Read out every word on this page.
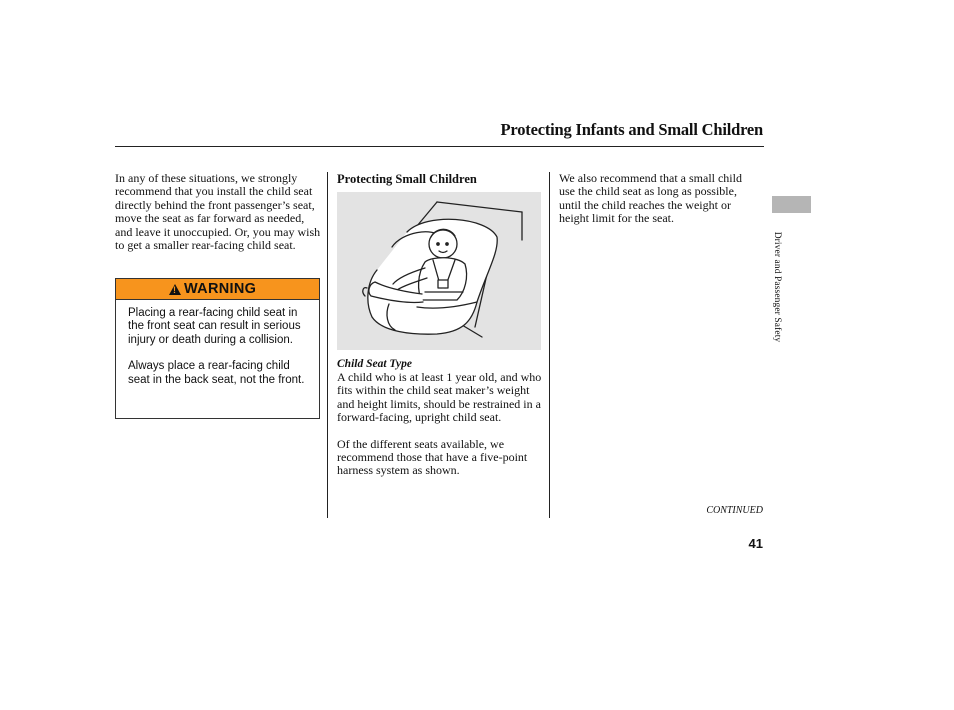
Protecting Infants and Small Children

In any of these situations, we strongly recommend that you install the child seat directly behind the front passenger’s seat, move the seat as far forward as needed, and leave it unoccupied. Or, you may wish to get a smaller rear-facing child seat.

!
WARNING

Placing a rear-facing child seat in the front seat can result in serious injury or death during a collision.

Always place a rear-facing child seat in the back seat, not the front.

Protecting Small Children

Child Seat Type

A child who is at least 1 year old, and who fits within the child seat maker’s weight and height limits, should be restrained in a forward-facing, upright child seat.

Of the different seats available, we recommend those that have a five-point harness system as shown.

We also recommend that a small child use the child seat as long as possible, until the child reaches the weight or height limit for the seat.

Driver and Passenger Safety

CONTINUED

41
